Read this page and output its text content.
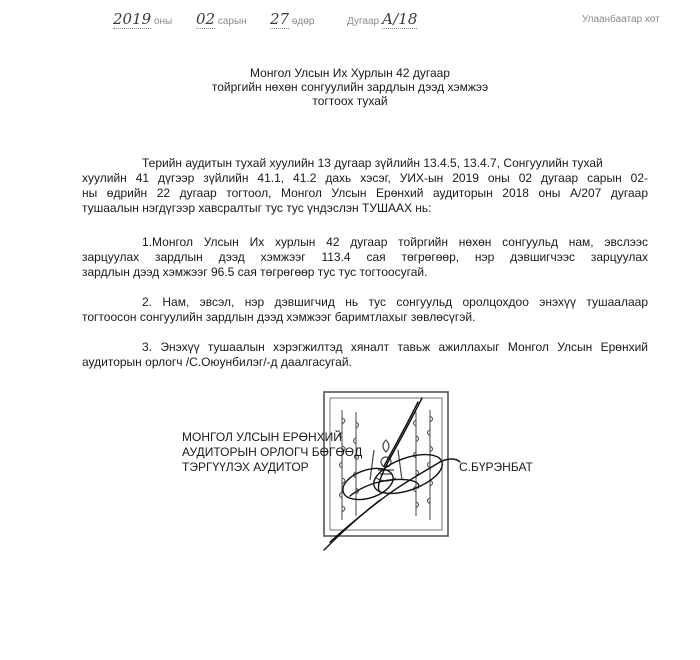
2019 оны 02 сарын 27 өдөр	Дугаар А/18	Улаанбаатар хот
Монгол Улсын Их Хурлын 42 дугаар
тойргийн нөхөн сонгуулийн зардлын дээд хэмжээ
тогтоох тухай
Терийн аудитын тухай хуулийн 13 дугаар зүйлийн 13.4.5, 13.4.7, Сонгуулийн тухай
хуулийн 41 дүгээр зүйлийн 41.1, 41.2 дахь хэсэг, УИХ-ын 2019 оны 02 дугаар сарын 02-
ны өдрийн 22 дугаар тогтоол, Монгол Улсын Ерөнхий аудиторын 2018 оны А/207 дугаар
тушаалын нэгдүгээр хавсралтыг тус тус үндэслэн ТУШААХ нь:
1.Монгол Улсын Их хурлын 42 дугаар тойргийн нөхөн сонгуульд нам, эвслээс
зарцуулах зардлын дээд хэмжээг 113.4 сая төгрөгөөр, нэр дэвшигчээс зарцуулах
зардлын дээд хэмжээг 96.5 сая төгрөгөөр тус тус тогтоосугай.
2. Нам, эвсэл, нэр дэвшигчид нь тус сонгуульд оролцохдоо энэхүү тушаалаар
тогтоосон сонгуулийн зардлын дээд хэмжээг баримтлахыг зөвлөсүгэй.
3. Энэхүү тушаалын хэрэгжилтэд хяналт тавьж ажиллахыг Монгол Улсын Ерөнхий
аудиторын орлогч /С.Оюунбилэг/-д даалгасугай.
МОНГОЛ УЛСЫН ЕРӨНХИЙ
АУДИТОРЫН ОРЛОГЧ БӨГӨӨД
ТЭРГҮҮЛЭХ АУДИТОР	С.БҮРЭНБАТ
